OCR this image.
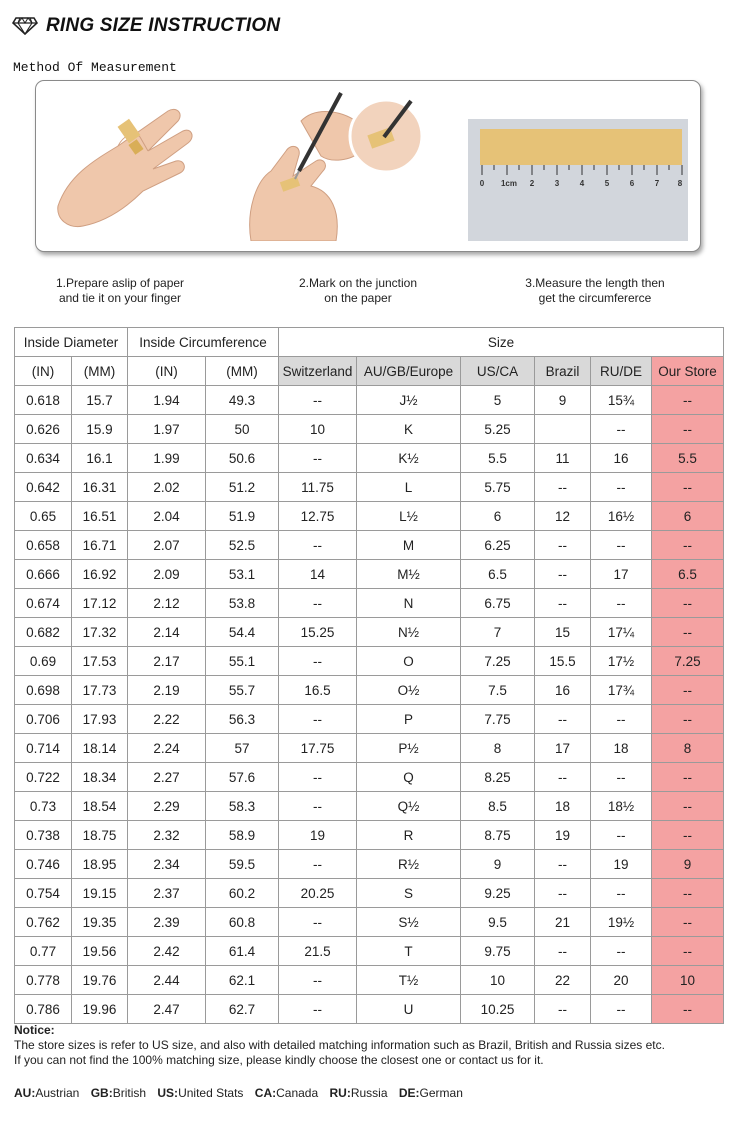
RING SIZE INSTRUCTION
Method Of Measurement
0 1cm 2	3	4	5	6	7 8
1.Prepare aslip of paper
and tie it on your finger
2.Mark on the junction
on the paper
3.Measure the length then
get the circumfererce
Inside Diameter		Inside Circumference		Size					
(IN)	(MM)	(IN)	(MM)	Switzerland	AU/GB/Europe	US/CA	Brazil	RU/DE	Our Store
0.618	15.7	1.94	49.3	--	J½	5	9	15¾	--
0.626	15.9	1.97	50	10	K	5.25		--	--
0.634	16.1	1.99	50.6	--	K½	5.5	11	16	5.5
0.642	16.31	2.02	51.2	11.75	L	5.75	--	--	--
0.65	16.51	2.04	51.9	12.75	L½	6	12	16½	6
0.658	16.71	2.07	52.5	--	M	6.25	--	--	--
0.666	16.92	2.09	53.1	14	M½	6.5	--	17	6.5
0.674	17.12	2.12	53.8	--	N	6.75	--	--	--
0.682	17.32	2.14	54.4	15.25	N½	7	15	17¼	--
0.69	17.53	2.17	55.1	--	O	7.25	15.5	17½	7.25
0.698	17.73	2.19	55.7	16.5	O½	7.5	16	17¾	--
0.706	17.93	2.22	56.3	--	P	7.75	--	--	--
0.714	18.14	2.24	57	17.75	P½	8	17	18	8
0.722	18.34	2.27	57.6	--	Q	8.25	--	--	--
0.73	18.54	2.29	58.3	--	Q½	8.5	18	18½	--
0.738	18.75	2.32	58.9	19	R	8.75	19	--	--
0.746	18.95	2.34	59.5	--	R½	9	--	19	9
0.754	19.15	2.37	60.2	20.25	S	9.25	--	--	--
0.762	19.35	2.39	60.8	--	S½	9.5	21	19½	--
0.77	19.56	2.42	61.4	21.5	T	9.75	--	--	--
0.778	19.76	2.44	62.1	--	T½	10	22	20	10
0.786	19.96	2.47	62.7	--	U	10.25	--	--	--
Notice:
The store sizes is refer to US size, and also with detailed matching information such as Brazil, British and Russia sizes etc.
If you can not find the 100% matching size, please kindly choose the closest one or contact us for it.
AU:Austrian GB:British US:United Stats CA:Canada RU:Russia DE:German
